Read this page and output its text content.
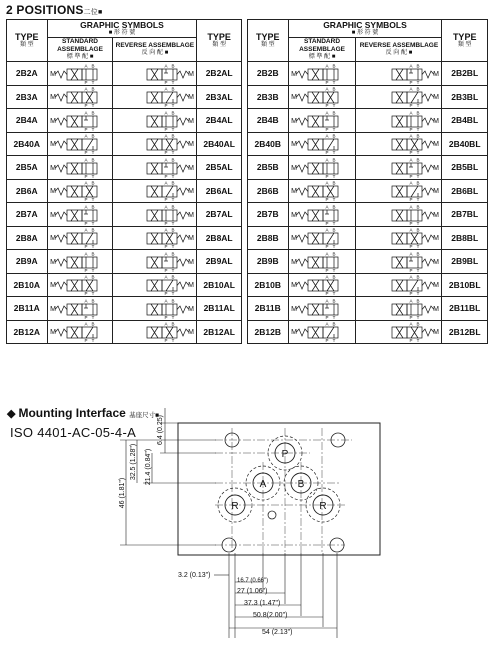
2 POSITIONS二位■
TYPE
類 型	GRAPHIC SYMBOLS
■ 形 符 號		TYPE
類 型

	STANDARD ASSEMBLAGE
標 準 配 ■	REVERSE ASSEMBLAGE
反 向 配 ■	

2B2A	M
A B
P T	M
A B
P T	2B2AL
2B3A	M
A B
P T	M
A B
P T	2B3AL
2B4A	M
A B
P T	M
A B
P T	2B4AL
2B40A	M
A B
P T	M
A B
P T	2B40AL
2B5A	M
A B
P T	M
A B
P T	2B5AL
2B6A	M
A B
P T	M
A B
P T	2B6AL
2B7A	M
A B
P T	M
A B
P T	2B7AL
2B8A	M
A B
P T	M
A B
P T	2B8AL
2B9A	M
A B
P T	M
A B
P T	2B9AL
2B10A	M
A B
P T	M
A B
P T	2B10AL
2B11A	M
A B
P T	M
A B
P T	2B11AL
2B12A	M
A B
P T	M
A B
P T	2B12AL
TYPE
類 型	GRAPHIC SYMBOLS
■ 形 符 號		TYPE
類 型

	STANDARD ASSEMBLAGE
標 準 配 ■	REVERSE ASSEMBLAGE
反 向 配 ■	

2B2B	M
A B
P T	M
A B
P T	2B2BL
2B3B	M
A B
P T	M
A B
P T	2B3BL
2B4B	M
A B
P T	M
A B
P T	2B4BL
2B40B	M
A B
P T	M
A B
P T	2B40BL
2B5B	M
A B
P T	M
A B
P T	2B5BL
2B6B	M
A B
P T	M
A B
P T	2B6BL
2B7B	M
A B
P T	M
A B
P T	2B7BL
2B8B	M
A B
P T	M
A B
P T	2B8BL
2B9B	M
A B
P T	M
A B
P T	2B9BL
2B10B	M
A B
P T	M
A B
P T	2B10BL
2B11B	M
A B
P T	M
A B
P T	2B11BL
2B12B	M
A B
P T	M
A B
P T	2B12BL
◆ Mounting Interface 基座尺寸■
ISO 4401-AC-05-4-A
P
A	B
R	R
6.4 (0.25)
21.4 (0.84")
32.5 (1.28")
46 (1.81")
3.2 (0.13")
16.7 (0.66")
27 (1.06")
37.3 (1.47")
50.8(2.00")
54 (2.13")
